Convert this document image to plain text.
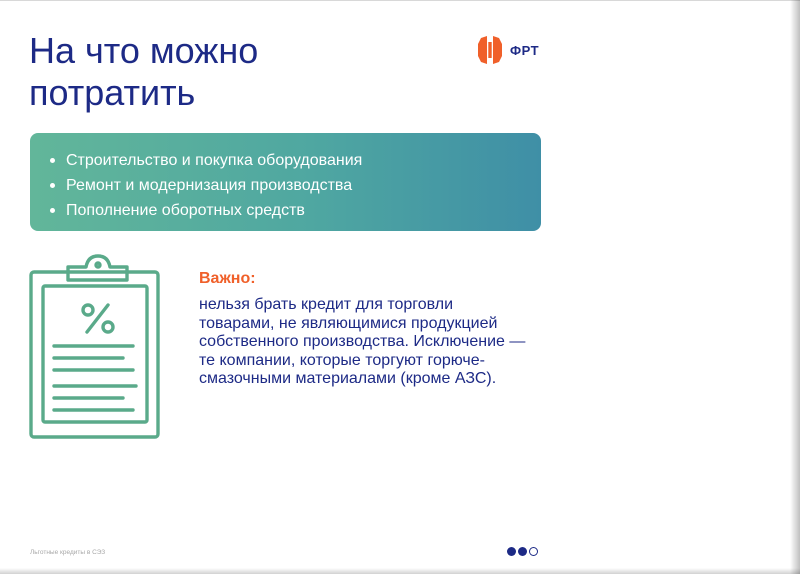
На что можно
потратить
ФРТ
Строительство и покупка оборудования
Ремонт и модернизация производства
Пополнение оборотных средств
Важно:

нельзя брать кредит для торговли товарами, не являющимися продукцией собственного производства. Исключение — те компании, которые торгуют горюче-смазочными материалами (кроме АЗС).

Льготные кредиты в СЭЗ
